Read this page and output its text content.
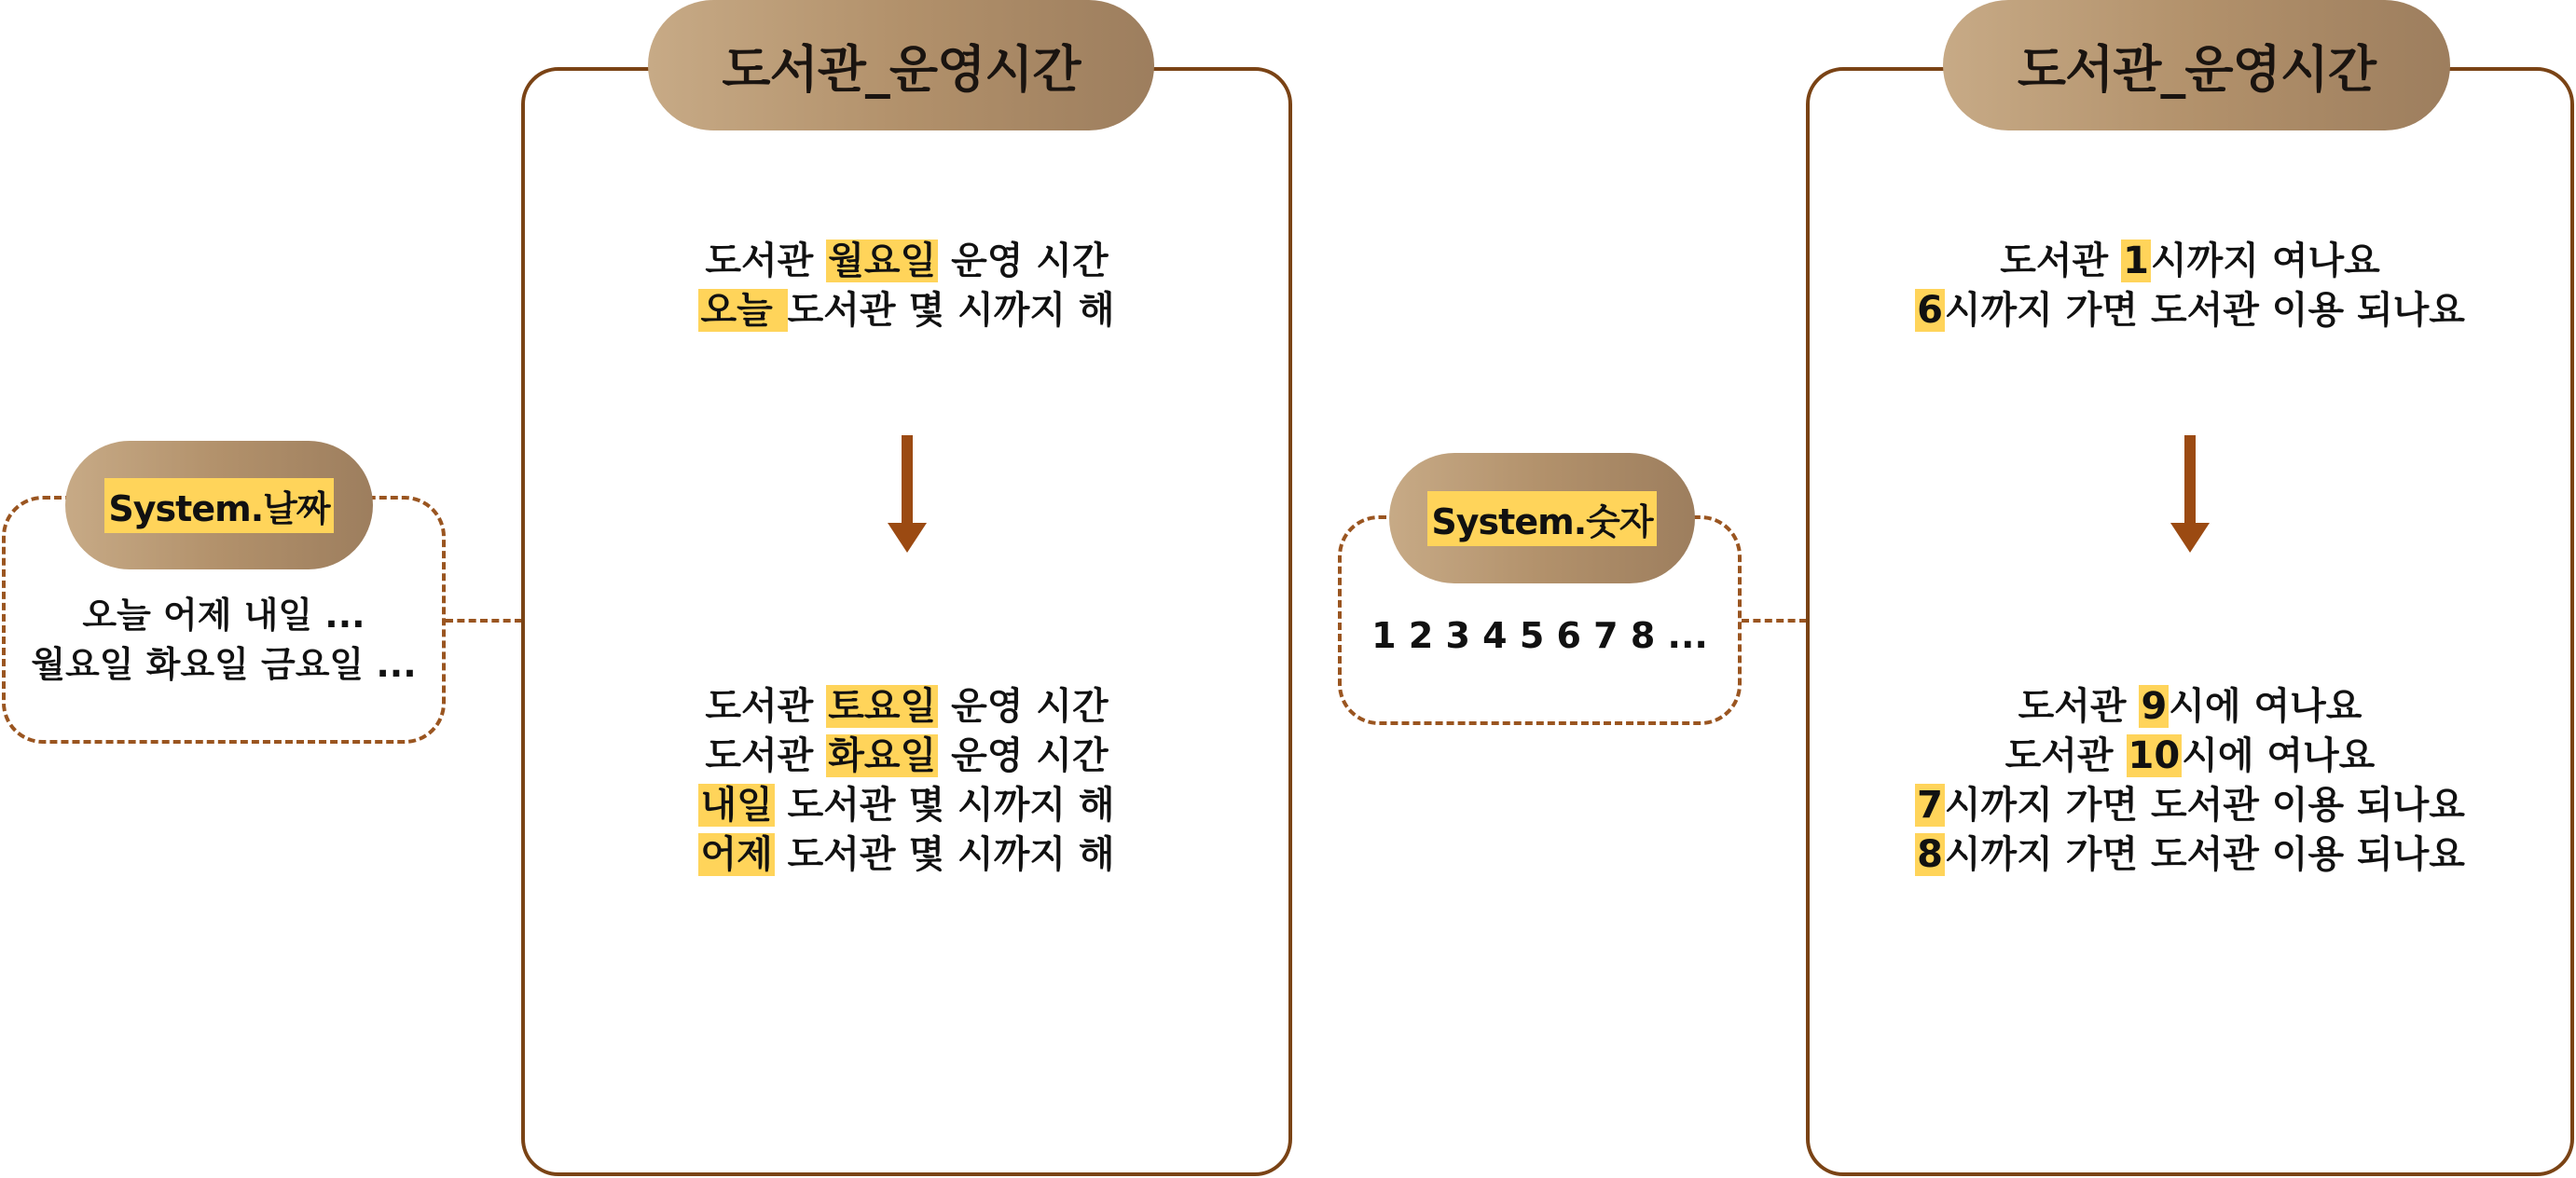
System.날짜
오늘 어제 내일 ...
월요일 화요일 금요일 ...
도서관_운영시간
도서관 월요일 운영 시간
오늘 도서관 몇 시까지 해
도서관 토요일 운영 시간
도서관 화요일 운영 시간
내일 도서관 몇 시까지 해
어제 도서관 몇 시까지 해
System.숫자
1 2 3 4 5 6 7 8 ...
도서관_운영시간
도서관 1시까지 여나요
6시까지 가면 도서관 이용 되나요
도서관 9시에 여나요
도서관 10시에 여나요
7시까지 가면 도서관 이용 되나요
8시까지 가면 도서관 이용 되나요
